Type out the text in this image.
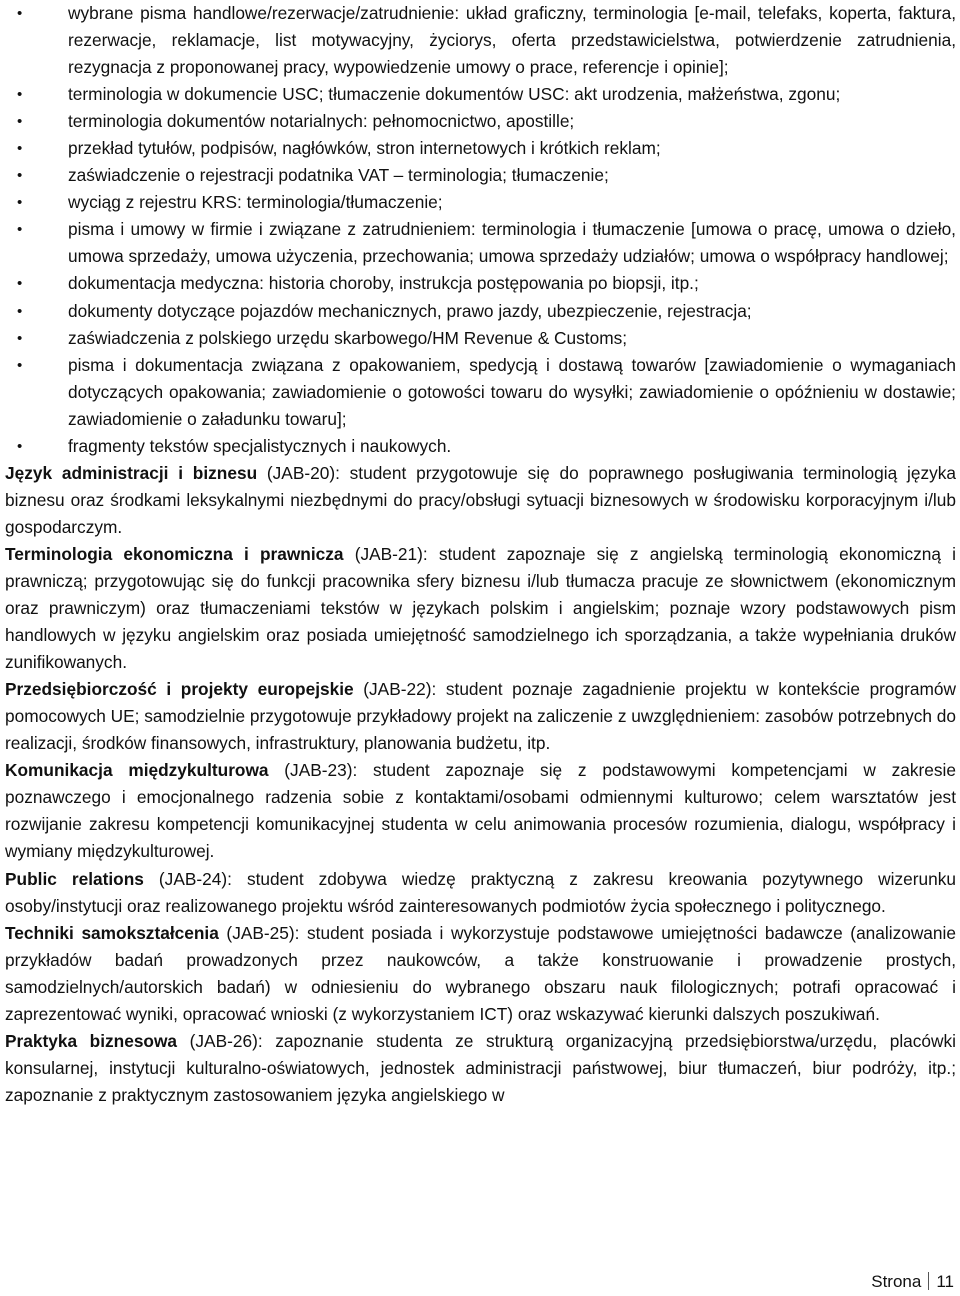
•	wybrane pisma handlowe/rezerwacje/zatrudnienie: układ graficzny, terminologia [e-mail, telefaks, koperta, faktura, rezerwacje, reklamacje, list motywacyjny, życiorys, oferta przedstawicielstwa, potwierdzenie zatrudnienia, rezygnacja z proponowanej pracy, wypowiedzenie umowy o prace, referencje i opinie];
•	terminologia w dokumencie USC; tłumaczenie dokumentów USC: akt urodzenia, małżeństwa, zgonu;
•	terminologia dokumentów notarialnych: pełnomocnictwo, apostille;
•	przekład tytułów, podpisów, nagłówków, stron internetowych i krótkich reklam;
•	zaświadczenie o rejestracji podatnika VAT – terminologia; tłumaczenie;
•	wyciąg z rejestru KRS: terminologia/tłumaczenie;
•	pisma i umowy w firmie i związane z zatrudnieniem: terminologia i tłumaczenie [umowa o pracę, umowa o dzieło, umowa sprzedaży, umowa użyczenia, przechowania; umowa sprzedaży udziałów; umowa o współpracy handlowej;
•	dokumentacja medyczna: historia choroby, instrukcja postępowania po biopsji, itp.;
•	dokumenty dotyczące pojazdów mechanicznych, prawo jazdy, ubezpieczenie, rejestracja;
•	zaświadczenia z polskiego urzędu skarbowego/HM Revenue & Customs;
•	pisma i dokumentacja związana z opakowaniem, spedycją i dostawą towarów [zawiadomienie o wymaganiach dotyczących opakowania; zawiadomienie o gotowości towaru do wysyłki; zawiadomienie o opóźnieniu w dostawie; zawiadomienie o załadunku towaru];
•	fragmenty tekstów specjalistycznych i naukowych.

Język administracji i biznesu (JAB-20): student przygotowuje się do poprawnego posługiwania terminologią języka biznesu oraz środkami leksykalnymi niezbędnymi do pracy/obsługi sytuacji biznesowych w środowisku korporacyjnym i/lub gospodarczym.

Terminologia ekonomiczna i prawnicza (JAB-21): student zapoznaje się z angielską terminologią ekonomiczną i prawniczą; przygotowując się do funkcji pracownika sfery biznesu i/lub tłumacza pracuje ze słownictwem (ekonomicznym oraz prawniczym) oraz tłumaczeniami tekstów w językach polskim i angielskim; poznaje wzory podstawowych pism handlowych w języku angielskim oraz posiada umiejętność samodzielnego ich sporządzania, a także wypełniania druków zunifikowanych.

Przedsiębiorczość i projekty europejskie (JAB-22): student poznaje zagadnienie projektu w kontekście programów pomocowych UE; samodzielnie przygotowuje przykładowy projekt na zaliczenie z uwzględnieniem: zasobów potrzebnych do realizacji, środków finansowych, infrastruktury, planowania budżetu, itp.

Komunikacja międzykulturowa (JAB-23): student zapoznaje się z podstawowymi kompetencjami w zakresie poznawczego i emocjonalnego radzenia sobie z kontaktami/osobami odmiennymi kulturowo; celem warsztatów jest rozwijanie zakresu kompetencji komunikacyjnej studenta w celu animowania procesów rozumienia, dialogu, współpracy i wymiany międzykulturowej.

Public relations (JAB-24): student zdobywa wiedzę praktyczną z zakresu kreowania pozytywnego wizerunku osoby/instytucji oraz realizowanego projektu wśród zainteresowanych podmiotów życia społecznego i politycznego.

Techniki samokształcenia (JAB-25): student posiada i wykorzystuje podstawowe umiejętności badawcze (analizowanie przykładów badań prowadzonych przez naukowców, a także konstruowanie i prowadzenie prostych, samodzielnych/autorskich badań) w odniesieniu do wybranego obszaru nauk filologicznych; potrafi opracować i zaprezentować wyniki, opracować wnioski (z wykorzystaniem ICT) oraz wskazywać kierunki dalszych poszukiwań.

Praktyka biznesowa (JAB-26): zapoznanie studenta ze strukturą organizacyjną przedsiębiorstwa/urzędu, placówki konsularnej, instytucji kulturalno-oświatowych, jednostek administracji państwowej, biur tłumaczeń, biur podróży, itp.; zapoznanie z praktycznym zastosowaniem języka angielskiego w

Strona 11
